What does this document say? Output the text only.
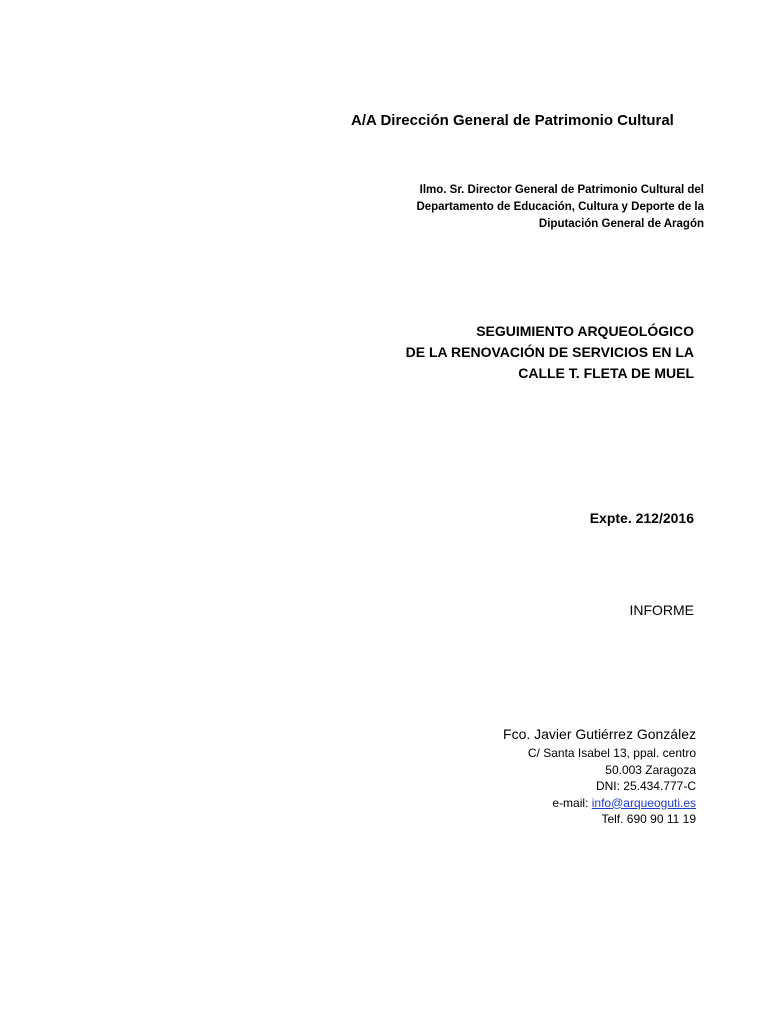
A/A Dirección General de Patrimonio Cultural
Ilmo. Sr. Director General de Patrimonio Cultural del
Departamento de Educación, Cultura y Deporte de la
Diputación General de Aragón
SEGUIMIENTO ARQUEOLÓGICO
DE LA RENOVACIÓN DE SERVICIOS EN LA
CALLE T. FLETA DE MUEL
Expte. 212/2016
INFORME
Fco. Javier Gutiérrez González
C/ Santa Isabel 13, ppal. centro
50.003 Zaragoza
DNI: 25.434.777-C
e-mail: info@arqueoguti.es
Telf. 690 90 11 19
